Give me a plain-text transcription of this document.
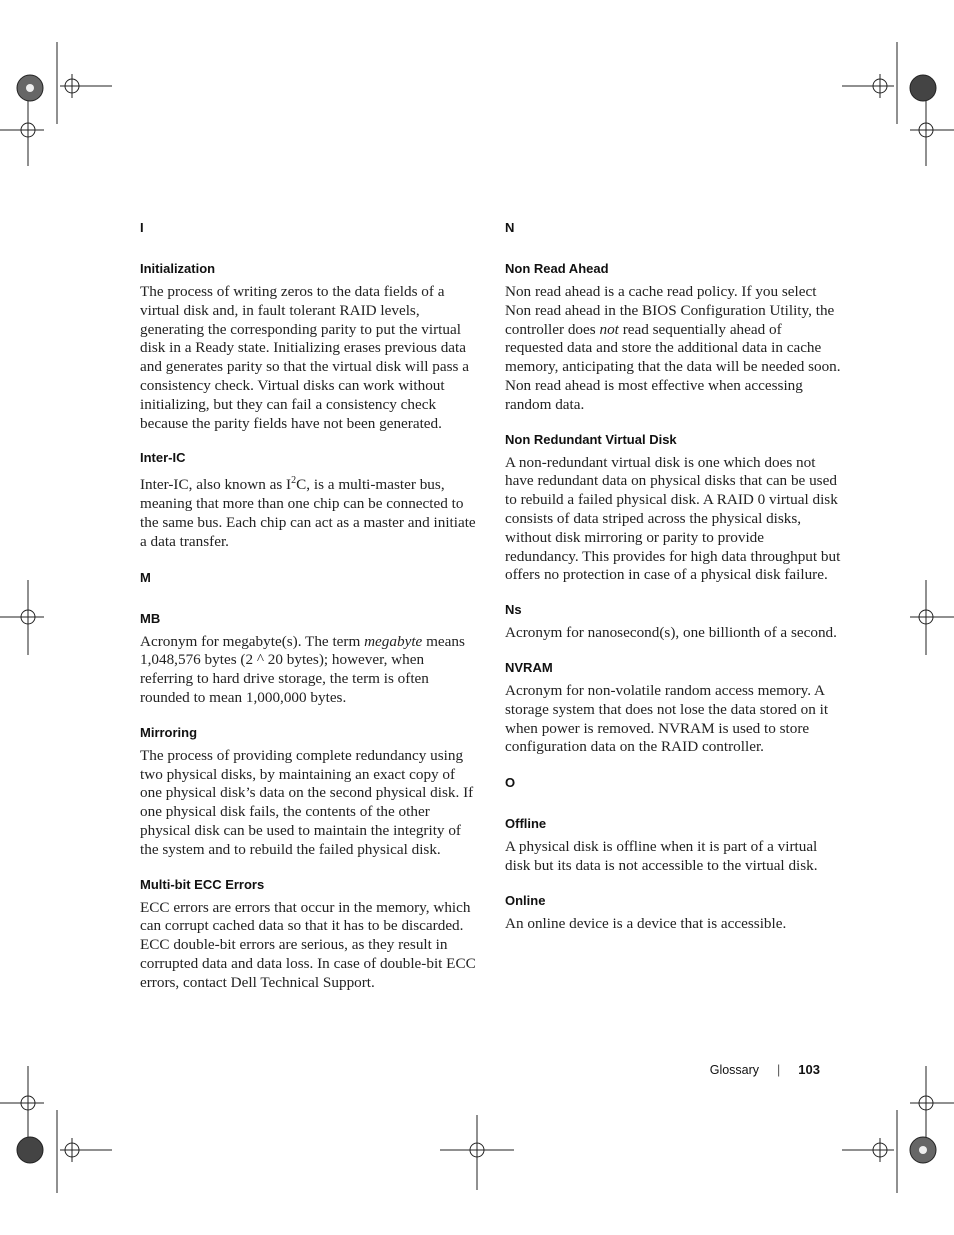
I
Initialization

The process of writing zeros to the data fields of a virtual disk and, in fault tolerant RAID levels, generating the corresponding parity to put the virtual disk in a Ready state. Initializing erases previous data and generates parity so that the virtual disk will pass a consistency check. Virtual disks can work without initializing, but they can fail a consistency check because the parity fields have not been generated.

Inter-IC

Inter-IC, also known as $I^2C$, is a multi-master bus, meaning that more than one chip can be connected to the same bus. Each chip can act as a master and initiate a data transfer.

M
MB

Acronym for megabyte(s). The term megabyte means 1,048,576 bytes (2 ^ 20 bytes); however, when referring to hard drive storage, the term is often rounded to mean 1,000,000 bytes.

Mirroring

The process of providing complete redundancy using two physical disks, by maintaining an exact copy of one physical disk’s data on the second physical disk. If one physical disk fails, the contents of the other physical disk can be used to maintain the integrity of the system and to rebuild the failed physical disk.

Multi-bit ECC Errors

ECC errors are errors that occur in the memory, which can corrupt cached data so that it has to be discarded. ECC double-bit errors are serious, as they result in corrupted data and data loss. In case of double-bit ECC errors, contact Dell Technical Support.

N
Non Read Ahead

Non read ahead is a cache read policy. If you select Non read ahead in the BIOS Configuration Utility, the controller does not read sequentially ahead of requested data and store the additional data in cache memory, anticipating that the data will be needed soon. Non read ahead is most effective when accessing random data.

Non Redundant Virtual Disk

A non-redundant virtual disk is one which does not have redundant data on physical disks that can be used to rebuild a failed physical disk. A RAID 0 virtual disk consists of data striped across the physical disks, without disk mirroring or parity to provide redundancy. This provides for high data throughput but offers no protection in case of a physical disk failure.

Ns

Acronym for nanosecond(s), one billionth of a second.

NVRAM

Acronym for non-volatile random access memory. A storage system that does not lose the data stored on it when power is removed. NVRAM is used to store configuration data on the RAID controller.

O
Offline

A physical disk is offline when it is part of a virtual disk but its data is not accessible to the virtual disk.

Online

An online device is a device that is accessible.

Glossary | 103
